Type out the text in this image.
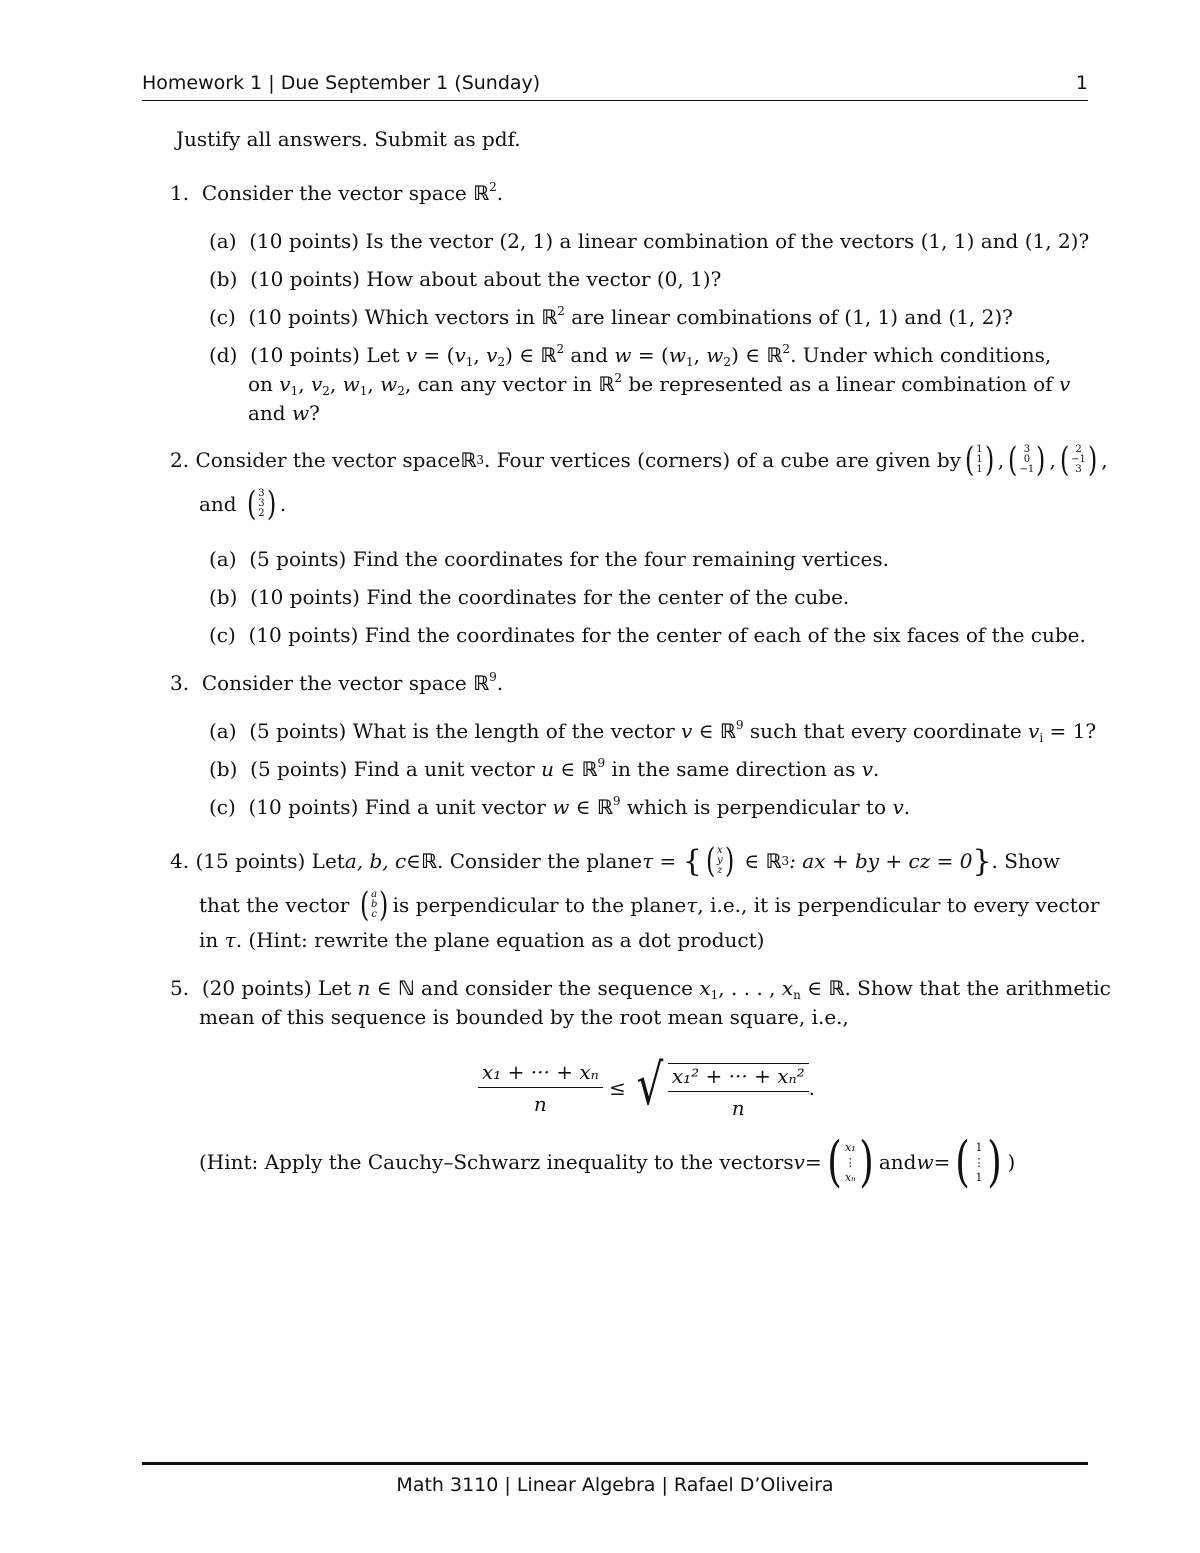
Homework 1 | Due September 1 (Sunday)	1
Justify all answers. Submit as pdf.
1. Consider the vector space ℝ$^2$.
(a) (10 points) Is the vector (2, 1) a linear combination of the vectors (1, 1) and (1, 2)?
(b) (10 points) How about about the vector (0, 1)?
(c) (10 points) Which vectors in ℝ$^2$ are linear combinations of (1, 1) and (1, 2)?
(d) (10 points) Let $v = (v_1$, $v_2$) ∈ ℝ$^2$ and $w = (w_1$, $w_2$) ∈ ℝ$^2$. Under which conditions,
on $v_1$, $v_2$, $w_1$, $w_2$, can any vector in ℝ$^2$ be represented as a linear combination of v
and w?
2.
Consider the vector space ℝ 3 . Four vertices (corners) of a cube are given by ( 1
1
1 ) , ( 3
0
−1 ) , ( 2
−1
3 ) ,
and
( 3
3
2 ) .
(a) (5 points) Find the coordinates for the four remaining vertices.
(b) (10 points) Find the coordinates for the center of the cube.
(c) (10 points) Find the coordinates for the center of each of the six faces of the cube.
3. Consider the vector space ℝ$^9$.
(a) (5 points) What is the length of the vector v ∈ ℝ$^9$ such that every coordinate $v_i = 1$?
(b) (5 points) Find a unit vector u ∈ ℝ$^9$ in the same direction as v.
(c) (10 points) Find a unit vector w ∈ ℝ$^9$ which is perpendicular to v.
4.
(15 points)
Let a, b, c ∈ ℝ . Consider the plane τ = { ( x
y
z ) ∈ ℝ 3 : ax + by + cz = 0 } . Show
that the vector
( a
b
c ) is perpendicular to the plane τ , i.e., it is perpendicular to every vector
in τ. (Hint: rewrite the plane equation as a dot product)
5. (20 points) Let n ∈ ℕ and consider the sequence $x_1$, . . . , $x_n$ ∈ ℝ. Show that the arithmetic
mean of this sequence is bounded by the root mean square, i.e.,
$\frac{\text{x₁ + ··· + xₙ}}{n}$
≤
√ $\frac{\text{x₁² + ··· + xₙ²}}{n}$ .
(Hint: Apply the Cauchy–Schwarz inequality to the vectors v = ( x₁
⋮
xₙ ) and w = ( 1
⋮
1 ) )
Math 3110 | Linear Algebra | Rafael D’Oliveira
